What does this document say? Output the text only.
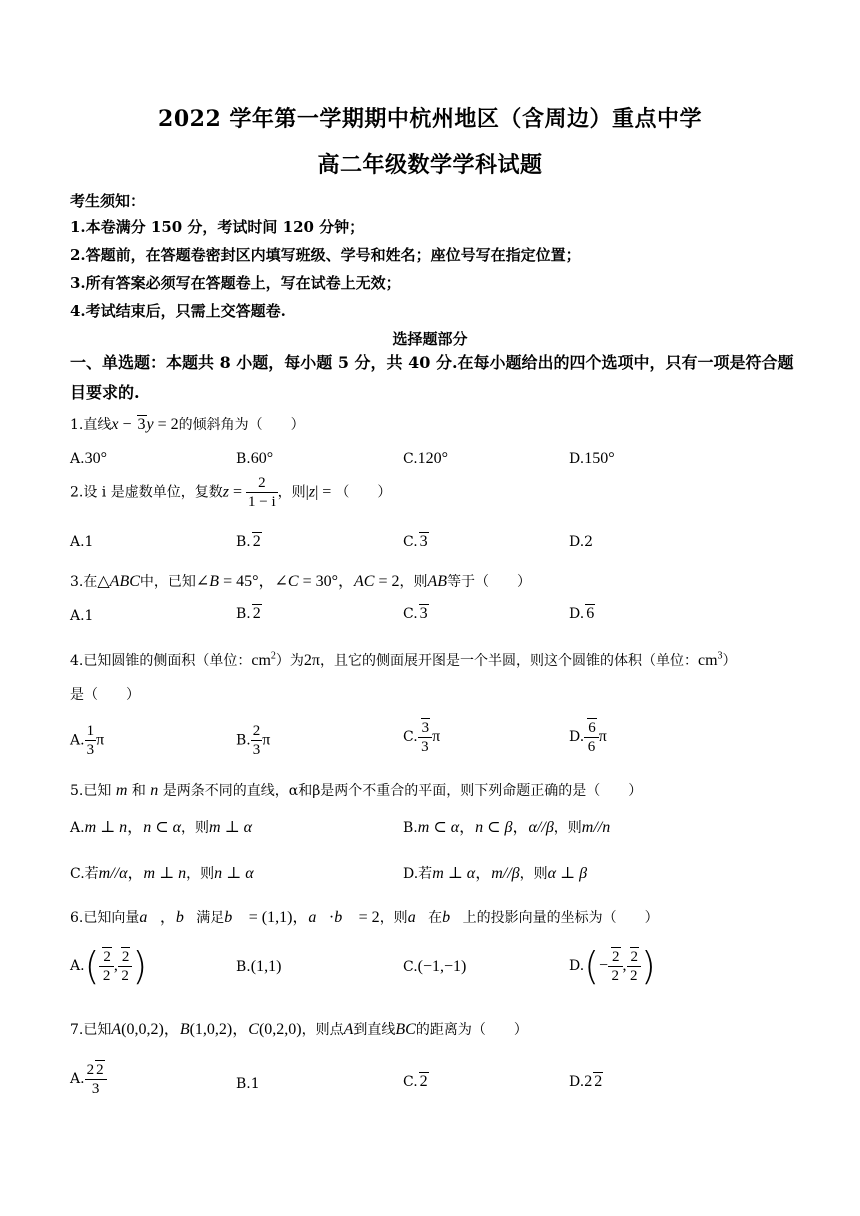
2022 学年第一学期期中杭州地区（含周边）重点中学
高二年级数学学科试题
考生须知：
1.本卷满分 150 分，考试时间 120 分钟；
2.答题前，在答题卷密封区内填写班级、学号和姓名；座位号写在指定位置；
3.所有答案必须写在答题卷上，写在试卷上无效；
4.考试结束后，只需上交答题卷.
选择题部分
一、单选题：本题共 8 小题，每小题 5 分，共 40 分.在每小题给出的四个选项中，只有一项是符合题目要求的.
1.直线x − 3y = 2的倾斜角为（　　）
A.30°	B.60°	C.120°	D.150°
2.设 i 是虚数单位，复数$z = \frac{2}{1 - i}$ ，则|z| = （　　）
A.1	B. 2	C. 3	D.2
3.在△ABC中，已知∠B = 45°，∠C = 30°，AC = 2，则AB等于（　　）
A.1	B. 2	C. 3	D. 6
4.已知圆锥的侧面积（单位：$cm^2$）为2π，且它的侧面展开图是一个半圆，则这个圆锥的体积（单位：$cm^3$）
是（　　）
A. $\frac{1}{3}$ π	B. $\frac{2}{3}$ π	C. $\frac{3}{3}$ π	D. $\frac{6}{6}$ π
5.已知 m 和 n 是两条不同的直线，α和β是两个不重合的平面，则下列命题正确的是（　　）
A.m ⊥ n，n ⊂ α，则m ⊥ α	B.m ⊂ α，n ⊂ β，α//β，则m//n
C.若m//α，m ⊥ n，则n ⊥ α	D.若m ⊥ α，m//β，则α ⊥ β
6.已知向量a⃗，b⃗满足b⃗ = (1,1)，a⃗·b⃗ = 2，则a⃗在b⃗上的投影向量的坐标为（　　）
$A.( \frac{2}{2}$ , $\frac{2}{2}$ )	B.(1,1)	C.(−1,−1)	$D.(- \frac{2}{2}$ , $\frac{2}{2}$ )
7.已知A(0,0,2)，B(1,0,2)，C(0,2,0)，则点A到直线BC的距离为（　　）
A. $\frac{2 2}{3}$	B.1	C. 2	D.2 2
